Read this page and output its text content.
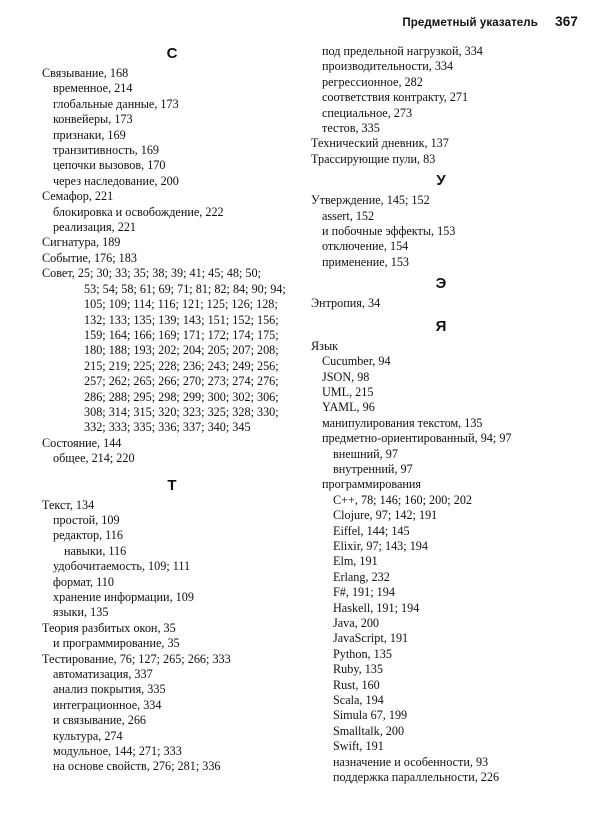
Предметный указатель 367
С
Связывание, 168
временное, 214
глобальные данные, 173
конвейеры, 173
признаки, 169
транзитивность, 169
цепочки вызовов, 170
через наследование, 200
Семафор, 221
блокировка и освобождение, 222
реализация, 221
Сигнатура, 189
Событие, 176; 183
Совет, 25; 30; 33; 35; 38; 39; 41; 45; 48; 50;
53; 54; 58; 61; 69; 71; 81; 82; 84; 90; 94;
105; 109; 114; 116; 121; 125; 126; 128;
132; 133; 135; 139; 143; 151; 152; 156;
159; 164; 166; 169; 171; 172; 174; 175;
180; 188; 193; 202; 204; 205; 207; 208;
215; 219; 225; 228; 236; 243; 249; 256;
257; 262; 265; 266; 270; 273; 274; 276;
286; 288; 295; 298; 299; 300; 302; 306;
308; 314; 315; 320; 323; 325; 328; 330;
332; 333; 335; 336; 337; 340; 345
Состояние, 144
общее, 214; 220
Т
Текст, 134
простой, 109
редактор, 116
навыки, 116
удобочитаемость, 109; 111
формат, 110
хранение информации, 109
языки, 135
Теория разбитых окон, 35
и программирование, 35
Тестирование, 76; 127; 265; 266; 333
автоматизация, 337
анализ покрытия, 335
интеграционное, 334
и связывание, 266
культура, 274
модульное, 144; 271; 333
на основе свойств, 276; 281; 336
под предельной нагрузкой, 334
производительности, 334
регрессионное, 282
соответствия контракту, 271
специальное, 273
тестов, 335
Технический дневник, 137
Трассирующие пули, 83
У
Утверждение, 145; 152
assert, 152
и побочные эффекты, 153
отключение, 154
применение, 153
Э
Энтропия, 34
Я
Язык
Cucumber, 94
JSON, 98
UML, 215
YAML, 96
манипулирования текстом, 135
предметно-ориентированный, 94; 97
внешний, 97
внутренний, 97
программирования
C++, 78; 146; 160; 200; 202
Clojure, 97; 142; 191
Eiffel, 144; 145
Elixir, 97; 143; 194
Elm, 191
Erlang, 232
F#, 191; 194
Haskell, 191; 194
Java, 200
JavaScript, 191
Python, 135
Ruby, 135
Rust, 160
Scala, 194
Simula 67, 199
Smalltalk, 200
Swift, 191
назначение и особенности, 93
поддержка параллельности, 226
